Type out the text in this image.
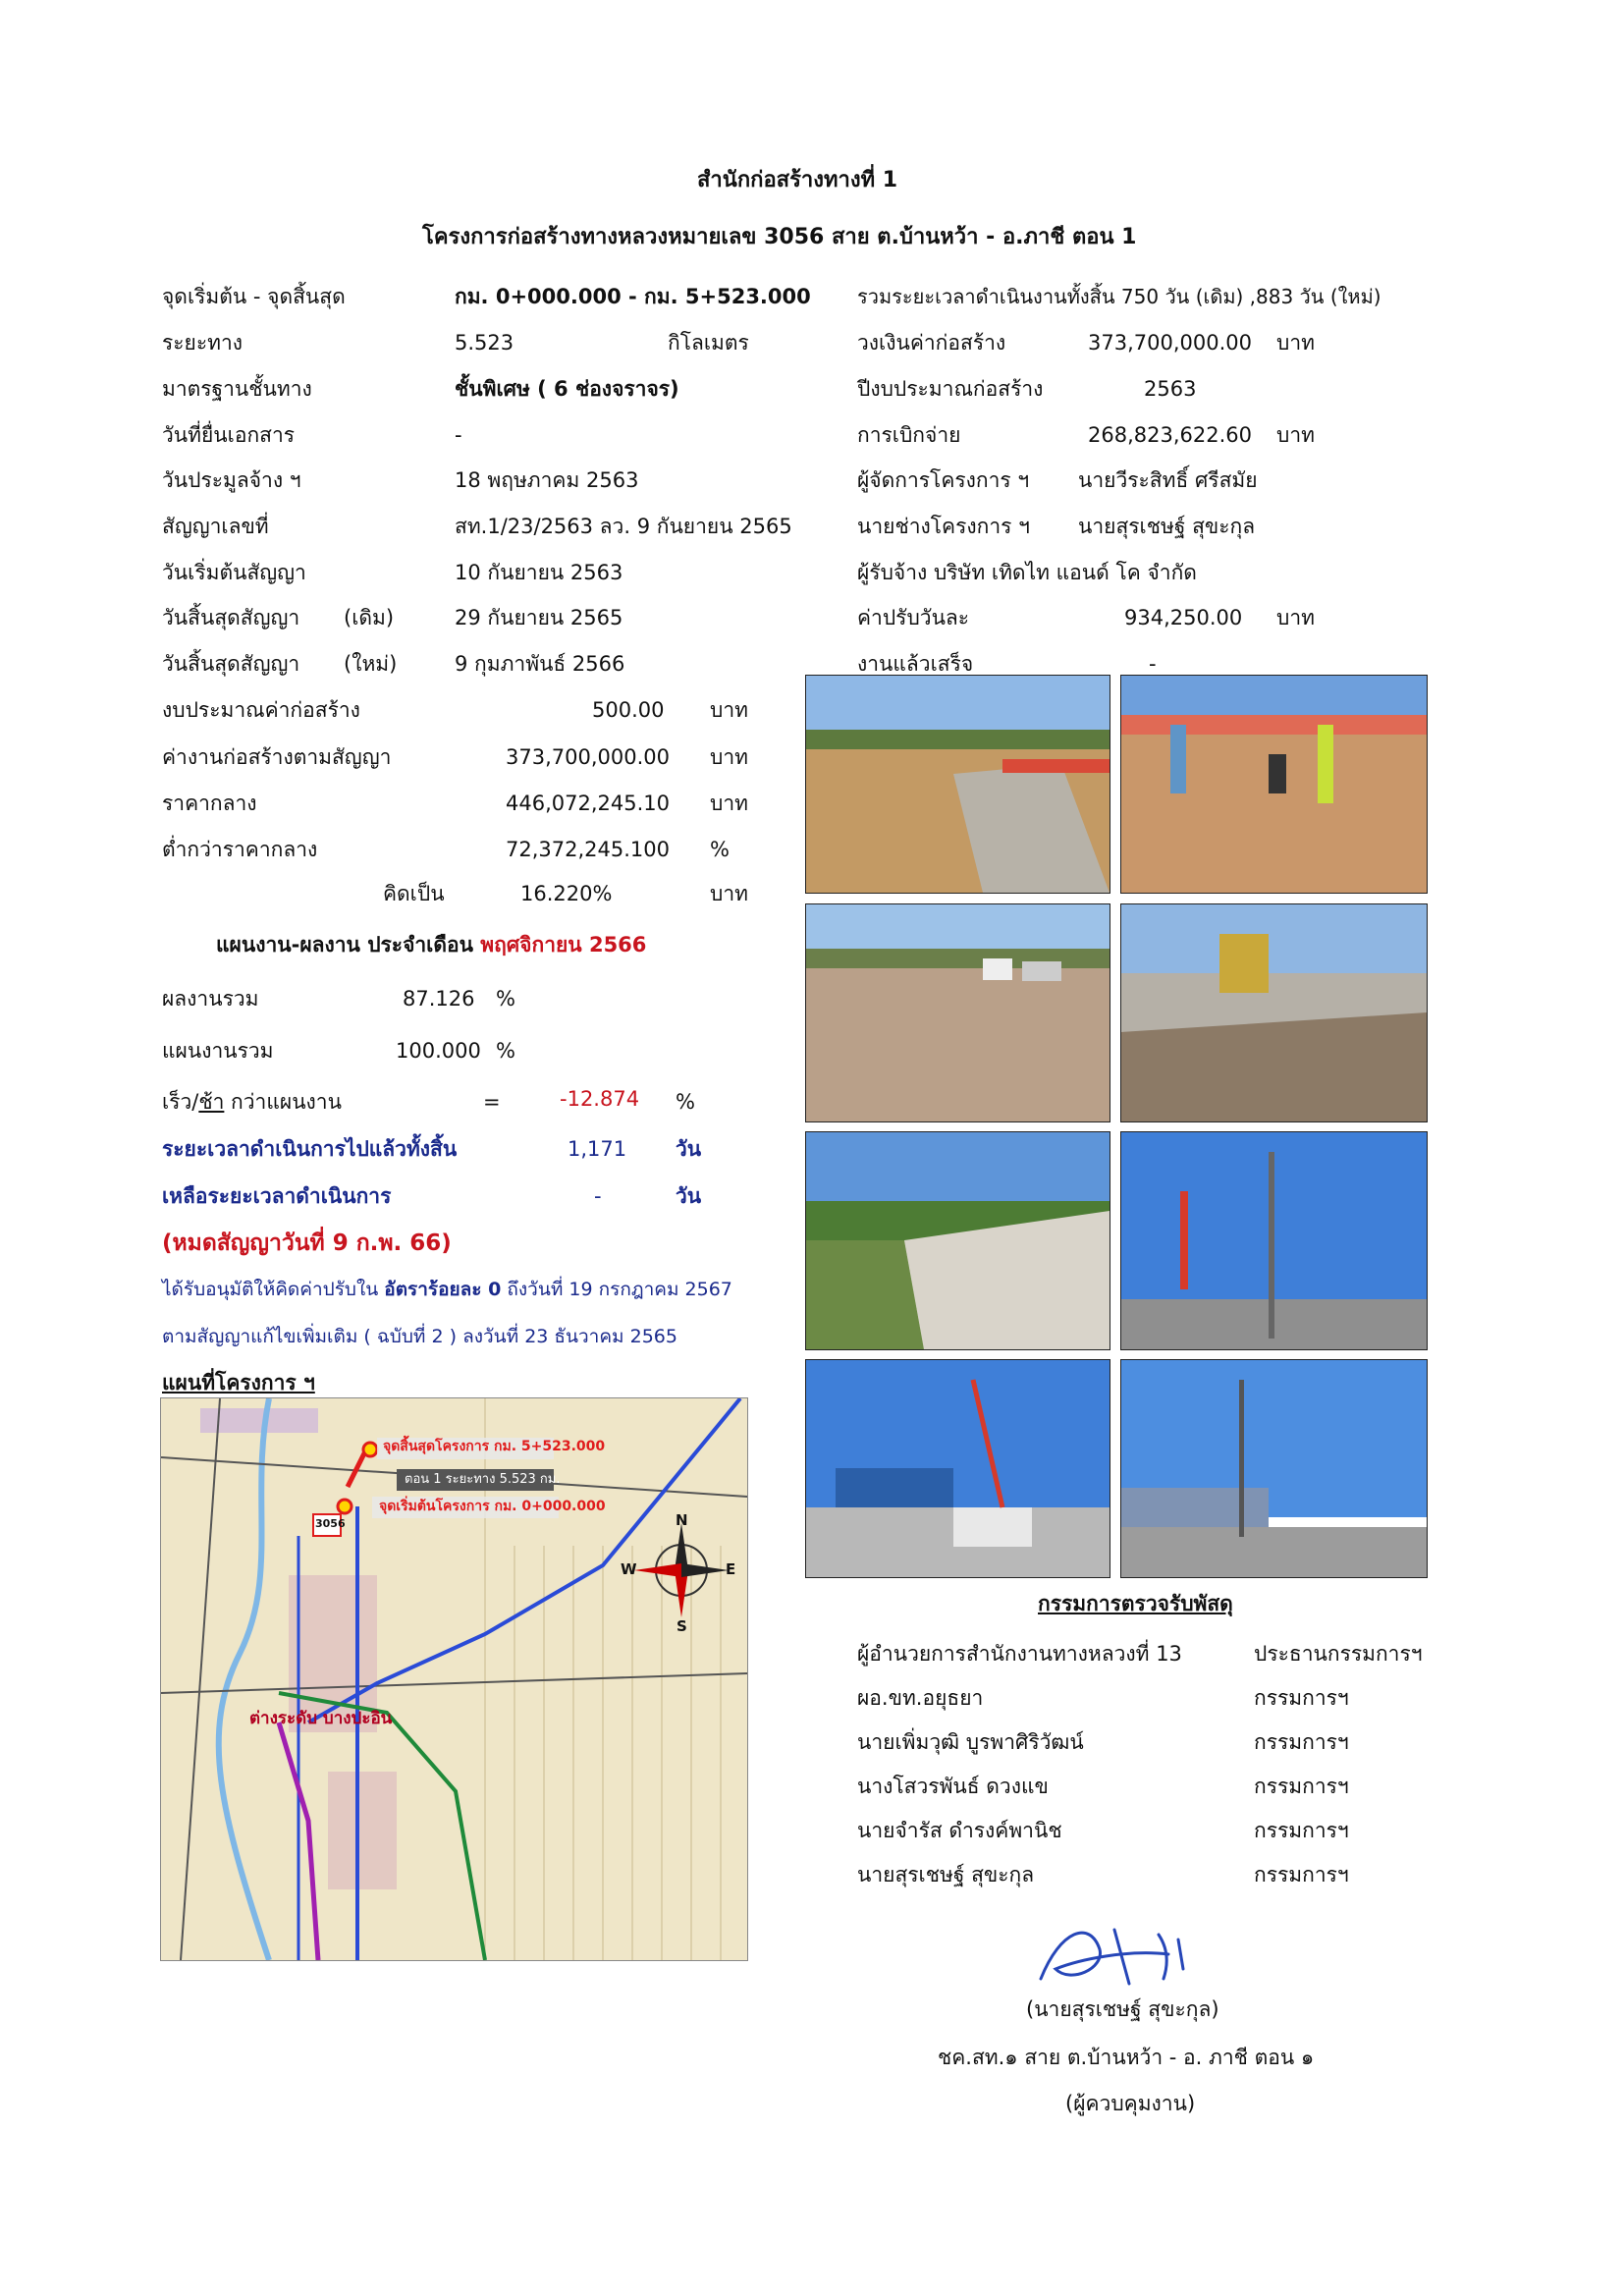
สำนักก่อสร้างทางที่ 1
โครงการก่อสร้างทางหลวงหมายเลข 3056 สาย ต.บ้านหว้า - อ.ภาชี ตอน 1
จุดเริ่มต้น - จุดสิ้นสุด	กม. 0+000.000 - กม. 5+523.000
ระยะทาง	5.523	กิโลเมตร
มาตรฐานชั้นทาง	ชั้นพิเศษ ( 6 ช่องจราจร)
วันที่ยื่นเอกสาร	-
วันประมูลจ้าง ฯ	18 พฤษภาคม 2563
สัญญาเลขที่	สท.1/23/2563 ลว. 9 กันยายน 2565
วันเริ่มต้นสัญญา	10 กันยายน 2563
วันสิ้นสุดสัญญา (เดิม)	29 กันยายน 2565
วันสิ้นสุดสัญญา (ใหม่)	9 กุมภาพันธ์ 2566
งบประมาณค่าก่อสร้าง	500.00 บาท
ค่างานก่อสร้างตามสัญญา	373,700,000.00 บาท
ราคากลาง	446,072,245.10 บาท
ต่ำกว่าราคากลาง	72,372,245.100 %
คิดเป็น	16.220%	บาท
แผนงาน-ผลงาน ประจำเดือน พฤศจิกายน 2566
ผลงานรวม	87.126 %
แผนงานรวม	100.000 %
เร็ว/ช้า กว่าแผนงาน	=	-12.874 %
ระยะเวลาดำเนินการไปแล้วทั้งสิ้น	1,171 วัน
เหลือระยะเวลาดำเนินการ	-	วัน
(หมดสัญญาวันที่ 9 ก.พ. 66)
ได้รับอนุมัติให้คิดค่าปรับใน อัตราร้อยละ 0 ถึงวันที่ 19 กรกฎาคม 2567
ตามสัญญาแก้ไขเพิ่มเติม ( ฉบับที่ 2 ) ลงวันที่ 23 ธันวาคม 2565
แผนที่โครงการ ฯ
จุดสิ้นสุดโครงการ กม. 5+523.000
ตอน 1 ระยะทาง 5.523 กม.
จุดเริ่มต้นโครงการ กม. 0+000.000
3056
ต่างระดับ บางปะอิน
N
S
E
W
รวมระยะเวลาดำเนินงานทั้งสิ้น 750 วัน (เดิม) ,883 วัน (ใหม่)
วงเงินค่าก่อสร้าง	373,700,000.00 บาท
ปีงบประมาณก่อสร้าง	2563
การเบิกจ่าย	268,823,622.60 บาท
ผู้จัดการโครงการ ฯ นายวีระสิทธิ์ ศรีสมัย
นายช่างโครงการ ฯ นายสุรเชษฐ์ สุขะกุล
ผู้รับจ้าง บริษัท เทิดไท แอนด์ โค จำกัด
ค่าปรับวันละ	934,250.00 บาท
งานแล้วเสร็จ	-
กรรมการตรวจรับพัสดุ
ผู้อำนวยการสำนักงานทางหลวงที่ 13	ประธานกรรมการฯ
ผอ.ขท.อยุธยา	กรรมการฯ
นายเพิ่มวุฒิ บูรพาศิริวัฒน์	กรรมการฯ
นางโสวรพันธ์ ดวงแข	กรรมการฯ
นายจำรัส ดำรงค์พานิช	กรรมการฯ
นายสุรเชษฐ์ สุขะกุล	กรรมการฯ
(นายสุรเชษฐ์ สุขะกุล)
ชค.สท.๑ สาย ต.บ้านหว้า - อ. ภาชี ตอน ๑
(ผู้ควบคุมงาน)
